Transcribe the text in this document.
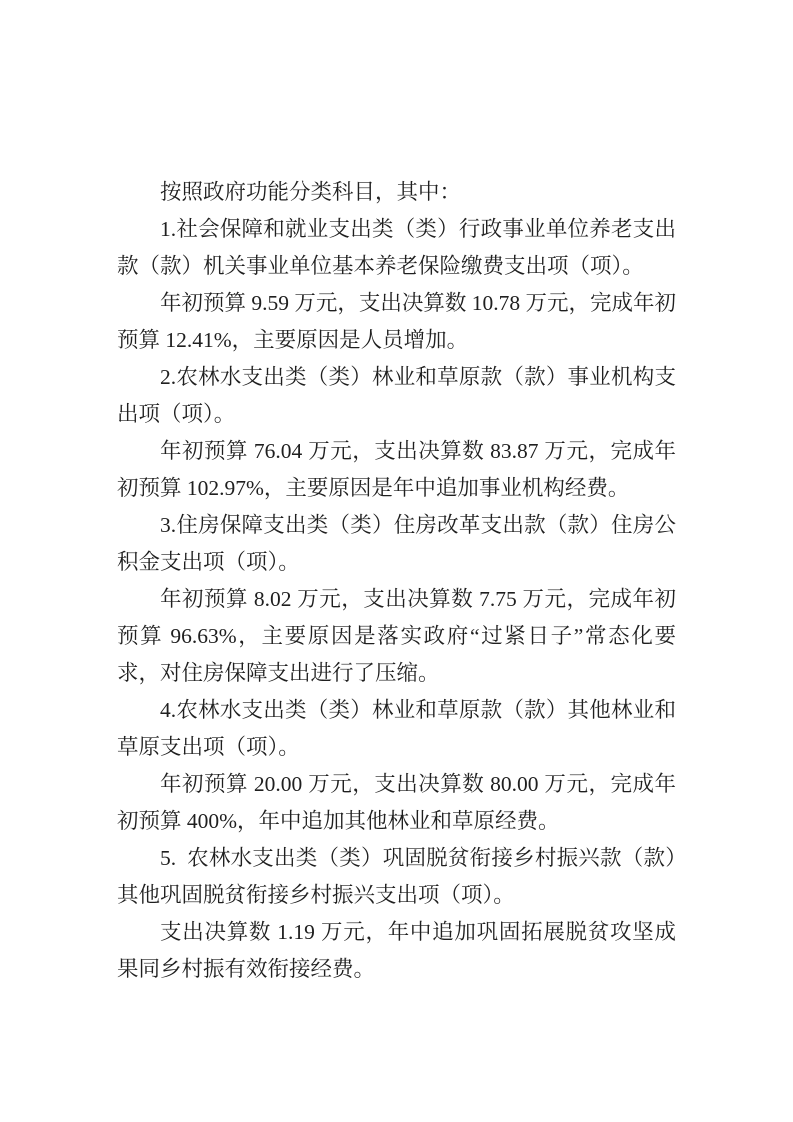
按照政府功能分类科目，其中：

1.社会保障和就业支出类（类）行政事业单位养老支出款（款）机关事业单位基本养老保险缴费支出项（项）。

年初预算 9.59 万元，支出决算数 10.78 万元，完成年初预算 12.41%，主要原因是人员增加。

2.农林水支出类（类）林业和草原款（款）事业机构支出项（项）。

年初预算 76.04 万元，支出决算数 83.87 万元，完成年初预算 102.97%，主要原因是年中追加事业机构经费。

3.住房保障支出类（类）住房改革支出款（款）住房公积金支出项（项）。

年初预算 8.02 万元，支出决算数 7.75 万元，完成年初预算 96.63%，主要原因是落实政府“过紧日子”常态化要求，对住房保障支出进行了压缩。

4.农林水支出类（类）林业和草原款（款）其他林业和草原支出项（项）。

年初预算 20.00 万元，支出决算数 80.00 万元，完成年初预算 400%，年中追加其他林业和草原经费。

5. 农林水支出类（类）巩固脱贫衔接乡村振兴款（款）其他巩固脱贫衔接乡村振兴支出项（项）。

支出决算数 1.19 万元，年中追加巩固拓展脱贫攻坚成果同乡村振有效衔接经费。
